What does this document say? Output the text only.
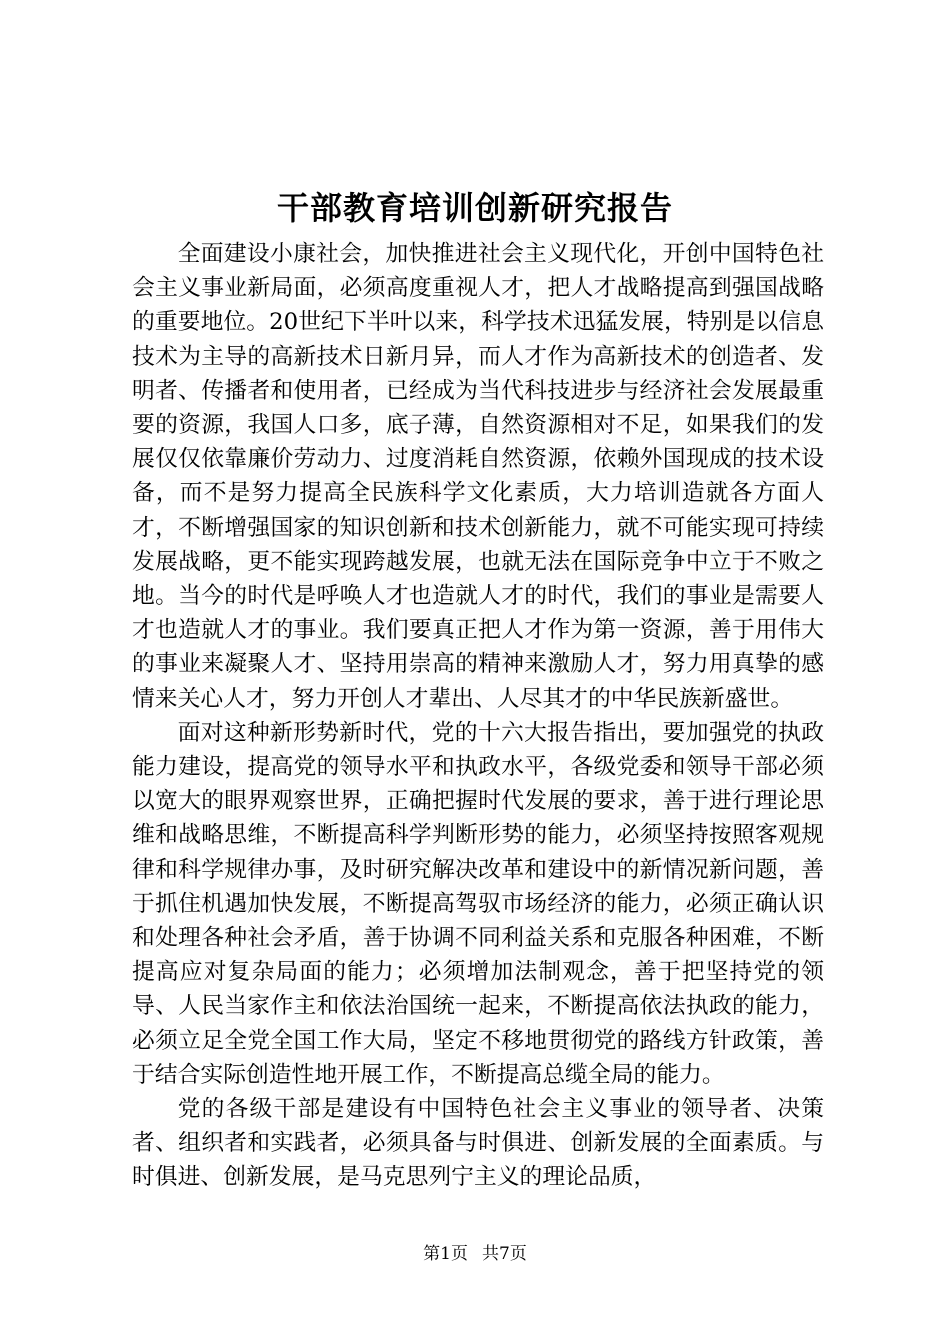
干部教育培训创新研究报告

全面建设小康社会，加快推进社会主义现代化，开创中国特色社会主义事业新局面，必须高度重视人才，把人才战略提高到强国战略的重要地位。20世纪下半叶以来，科学技术迅猛发展，特别是以信息技术为主导的高新技术日新月异，而人才作为高新技术的创造者、发明者、传播者和使用者，已经成为当代科技进步与经济社会发展最重要的资源，我国人口多，底子薄，自然资源相对不足，如果我们的发展仅仅依靠廉价劳动力、过度消耗自然资源，依赖外国现成的技术设备，而不是努力提高全民族科学文化素质，大力培训造就各方面人才，不断增强国家的知识创新和技术创新能力，就不可能实现可持续发展战略，更不能实现跨越发展，也就无法在国际竞争中立于不败之地。当今的时代是呼唤人才也造就人才的时代，我们的事业是需要人才也造就人才的事业。我们要真正把人才作为第一资源，善于用伟大的事业来凝聚人才、坚持用崇高的精神来激励人才，努力用真挚的感情来关心人才，努力开创人才辈出、人尽其才的中华民族新盛世。

面对这种新形势新时代，党的十六大报告指出，要加强党的执政能力建设，提高党的领导水平和执政水平，各级党委和领导干部必须以宽大的眼界观察世界，正确把握时代发展的要求，善于进行理论思维和战略思维，不断提高科学判断形势的能力，必须坚持按照客观规律和科学规律办事，及时研究解决改革和建设中的新情况新问题，善于抓住机遇加快发展，不断提高驾驭市场经济的能力，必须正确认识和处理各种社会矛盾，善于协调不同利益关系和克服各种困难，不断提高应对复杂局面的能力；必须增加法制观念，善于把坚持党的领导、人民当家作主和依法治国统一起来，不断提高依法执政的能力，必须立足全党全国工作大局，坚定不移地贯彻党的路线方针政策，善于结合实际创造性地开展工作，不断提高总缆全局的能力。

党的各级干部是建设有中国特色社会主义事业的领导者、决策者、组织者和实践者，必须具备与时俱进、创新发展的全面素质。与时俱进、创新发展，是马克思列宁主义的理论品质，

第1页 共7页
